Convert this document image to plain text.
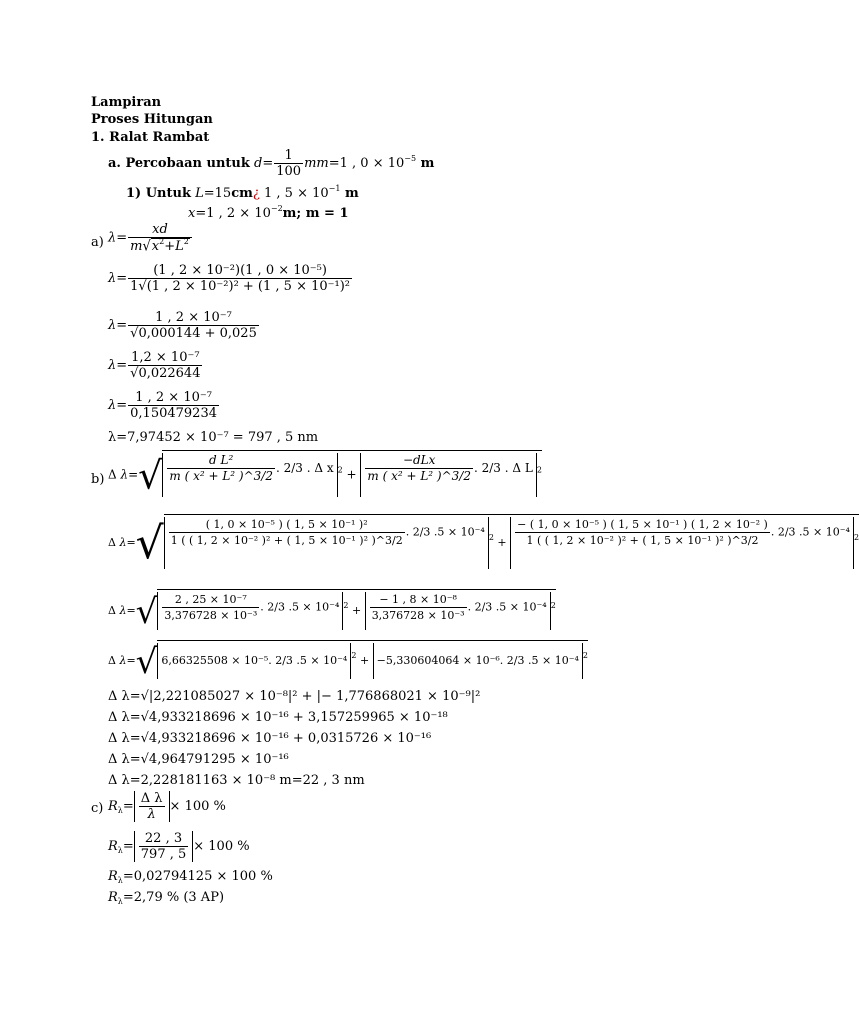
Lampiran
Proses Hitungan
1. Ralat Rambat
a. Percobaan untuk $d= \frac{1}{100} mm=1$ , $0 \times 10^{-5}$ m
1) Untuk L=15cm¿ 1 , $5 \times 10^{-1}$ m
x=1 , $2 \times 10^{-2}m$; m = 1
a) $\lambda= \frac{xd}{m√x^2+L^2}$
$\lambda= \frac{\text{(1 , 2 × 10⁻²)(1 , 0 × 10⁻⁵)}}{\text{1√(1 , 2 × 10⁻²)² + (1 , 5 × 10⁻¹)²}}$
$\lambda= \frac{\text{1 , 2 × 10⁻⁷}}{√0,000144 + 0,025}$
$\lambda= \frac{\text{1,2 × 10⁻⁷}}{√0,022644}$
$\lambda= \frac{\text{1 , 2 × 10⁻⁷}}{0,150479234}$
λ=7,97452 × 10⁻⁷ = 797 , 5 nm
b) Δ $\lambda=√ \frac{\text{d L²}}{\text{m ( x² + L² )\textasciicircum{}3/2}}$ . 2/3 . Δ x $^2$ +
−dLx
m ( x² + L² )^3/2
. 2/3 . Δ L $^2$
Δ $\lambda=√ \frac{\text{( 1, 0 × 10⁻⁵ ) ( 1, 5 × 10⁻¹ )²}}{\text{1 ( ( 1, 2 × 10⁻² )² + ( 1, 5 × 10⁻¹ )² )\textasciicircum{}3/2}}$ . 2/3 .5 × 10⁻⁴ $^2 + \frac{\text{− ( 1, 0 × 10⁻⁵ ) ( 1, 5 × 10⁻¹ ) ( 1, 2 × 10⁻² )}}{\text{1 ( ( 1, 2 × 10⁻² )² + ( 1, 5 × 10⁻¹ )² )\textasciicircum{}3/2}}$ . 2/3 .5 × 10⁻⁴ $^2$
Δ $\lambda=√ \frac{\text{2 , 25 × 10⁻⁷}}{\text{3,376728 × 10⁻³}}$ . 2/3 .5 × 10⁻⁴ $^2 + \frac{\text{− 1 , 8 × 10⁻⁸}}{\text{3,376728 × 10⁻³}}$ . 2/3 .5 × 10⁻⁴ $^2$
Δ λ=√ 6,66325508 × 10⁻⁵. 2/3 .5 × 10⁻⁴ $^2$ + −5,330604064 × 10⁻⁶. 2/3 .5 × 10⁻⁴ $^2$
Δ λ=√|2,221085027 × 10⁻⁸|² + |− 1,776868021 × 10⁻⁹|²
Δ λ=√4,933218696 × 10⁻¹⁶ + 3,157259965 × 10⁻¹⁸
Δ λ=√4,933218696 × 10⁻¹⁶ + 0,0315726 × 10⁻¹⁶
Δ λ=√4,964791295 × 10⁻¹⁶
Δ λ=2,228181163 × 10⁻⁸ m=22 , 3 nm
c) $R_\lambda= \frac{\text{Δ λ}}{\lambda} \times 100$ %
$R_\lambda= \frac{22 , 3}{797 , 5} \times 100$ %
$R_\lambda=0,02794125 \times 100$ %
$R_\lambda=2,79$ % (3 AP)
